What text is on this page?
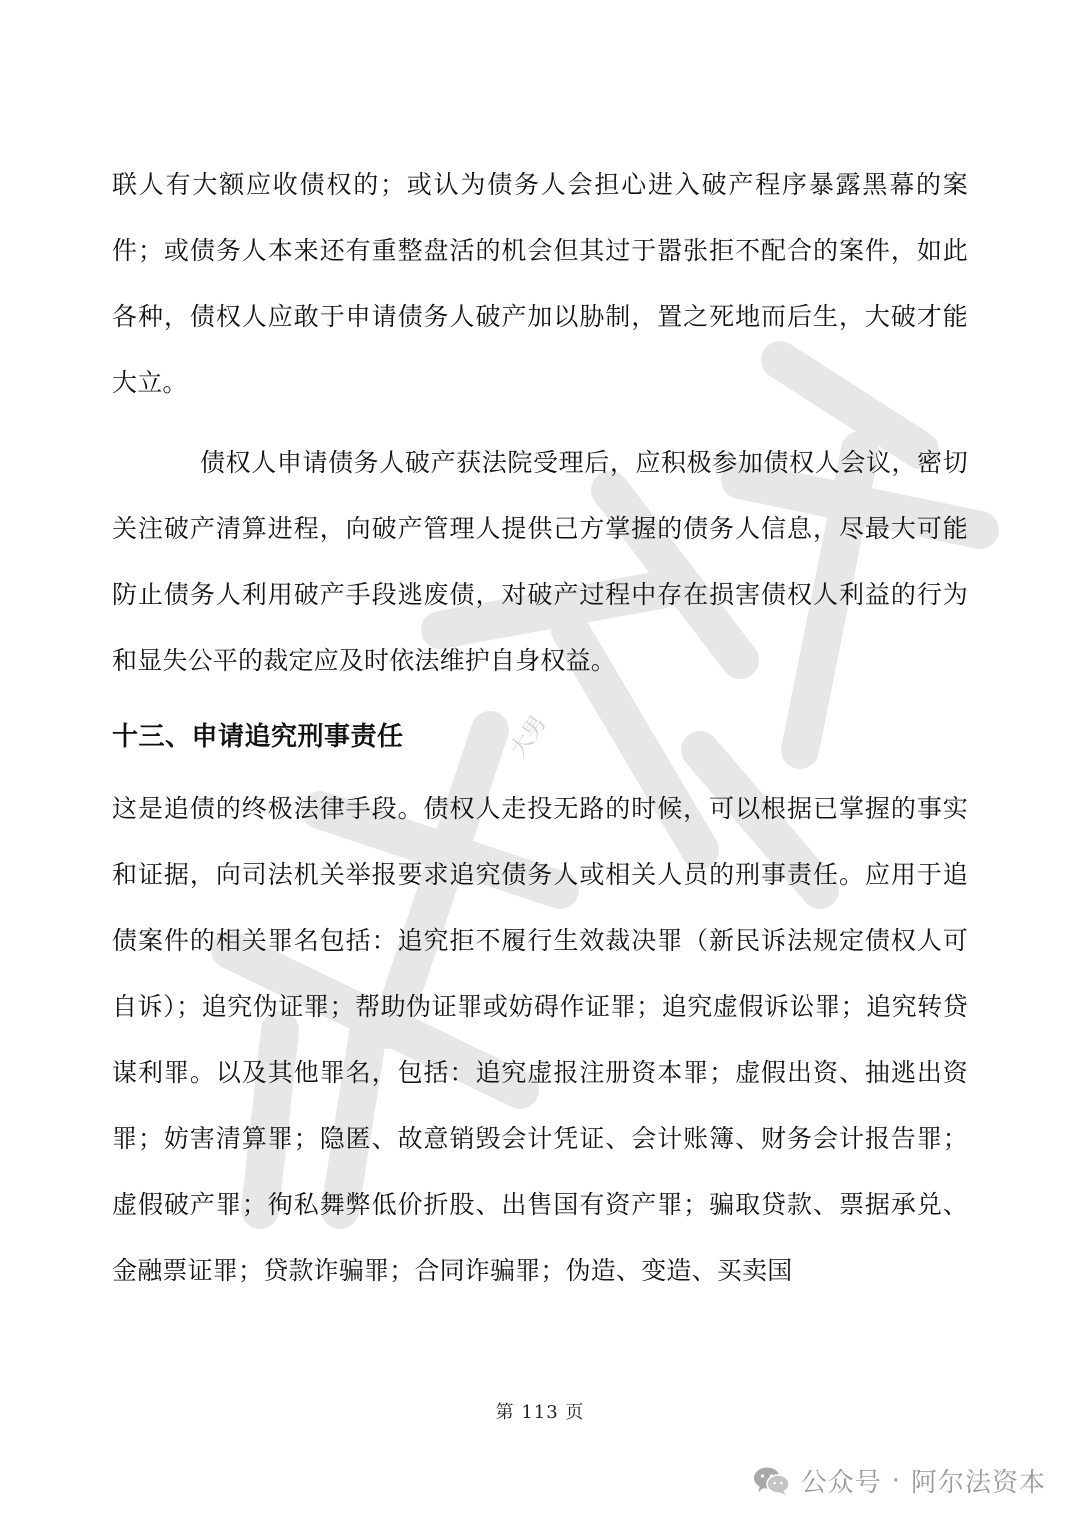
大男

联人有大额应收债权的；或认为债务人会担心进入破产程序暴露黑幕的案件；或债务人本来还有重整盘活的机会但其过于嚣张拒不配合的案件，如此各种，债权人应敢于申请债务人破产加以胁制，置之死地而后生，大破才能大立。

债权人申请债务人破产获法院受理后，应积极参加债权人会议，密切关注破产清算进程，向破产管理人提供己方掌握的债务人信息，尽最大可能防止债务人利用破产手段逃废债，对破产过程中存在损害债权人利益的行为和显失公平的裁定应及时依法维护自身权益。

十三、申请追究刑事责任

这是追债的终极法律手段。债权人走投无路的时候，可以根据已掌握的事实和证据，向司法机关举报要求追究债务人或相关人员的刑事责任。应用于追债案件的相关罪名包括：追究拒不履行生效裁决罪（新民诉法规定债权人可自诉）；追究伪证罪；帮助伪证罪或妨碍作证罪；追究虚假诉讼罪；追究转贷谋利罪。以及其他罪名，包括：追究虚报注册资本罪；虚假出资、抽逃出资罪；妨害清算罪；隐匿、故意销毁会计凭证、会计账簿、财务会计报告罪；虚假破产罪；徇私舞弊低价折股、出售国有资产罪；骗取贷款、票据承兑、金融票证罪；贷款诈骗罪；合同诈骗罪；伪造、变造、买卖国

第 113 页
公众号 · 阿尔法资本
